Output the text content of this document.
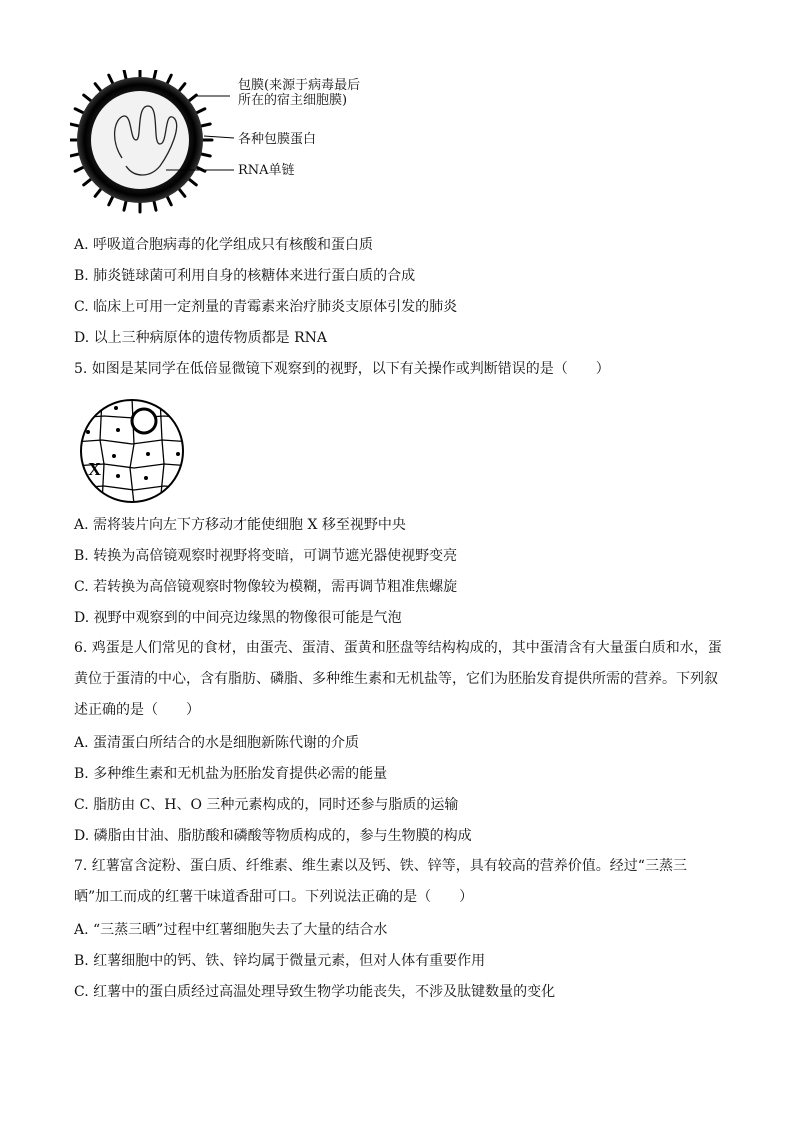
包膜(来源于病毒最后
所在的宿主细胞膜)
各种包膜蛋白
RNA单链
A. 呼吸道合胞病毒的化学组成只有核酸和蛋白质
B. 肺炎链球菌可利用自身的核糖体来进行蛋白质的合成
C. 临床上可用一定剂量的青霉素来治疗肺炎支原体引发的肺炎
D. 以上三种病原体的遗传物质都是 RNA
5. 如图是某同学在低倍显微镜下观察到的视野，以下有关操作或判断错误的是（　　）
X
A. 需将装片向左下方移动才能使细胞 X 移至视野中央
B. 转换为高倍镜观察时视野将变暗，可调节遮光器使视野变亮
C. 若转换为高倍镜观察时物像较为模糊，需再调节粗准焦螺旋
D. 视野中观察到的中间亮边缘黑的物像很可能是气泡
6. 鸡蛋是人们常见的食材，由蛋壳、蛋清、蛋黄和胚盘等结构构成的，其中蛋清含有大量蛋白质和水，蛋黄位于蛋清的中心，含有脂肪、磷脂、多种维生素和无机盐等，它们为胚胎发育提供所需的营养。下列叙述正确的是（　　）
A. 蛋清蛋白所结合的水是细胞新陈代谢的介质
B. 多种维生素和无机盐为胚胎发育提供必需的能量
C. 脂肪由 C、H、O 三种元素构成的，同时还参与脂质的运输
D. 磷脂由甘油、脂肪酸和磷酸等物质构成的，参与生物膜的构成
7. 红薯富含淀粉、蛋白质、纤维素、维生素以及钙、铁、锌等，具有较高的营养价值。经过“三蒸三晒”加工而成的红薯干味道香甜可口。下列说法正确的是（　　）
A. “三蒸三晒”过程中红薯细胞失去了大量的结合水
B. 红薯细胞中的钙、铁、锌均属于微量元素，但对人体有重要作用
C. 红薯中的蛋白质经过高温处理导致生物学功能丧失，不涉及肽键数量的变化
